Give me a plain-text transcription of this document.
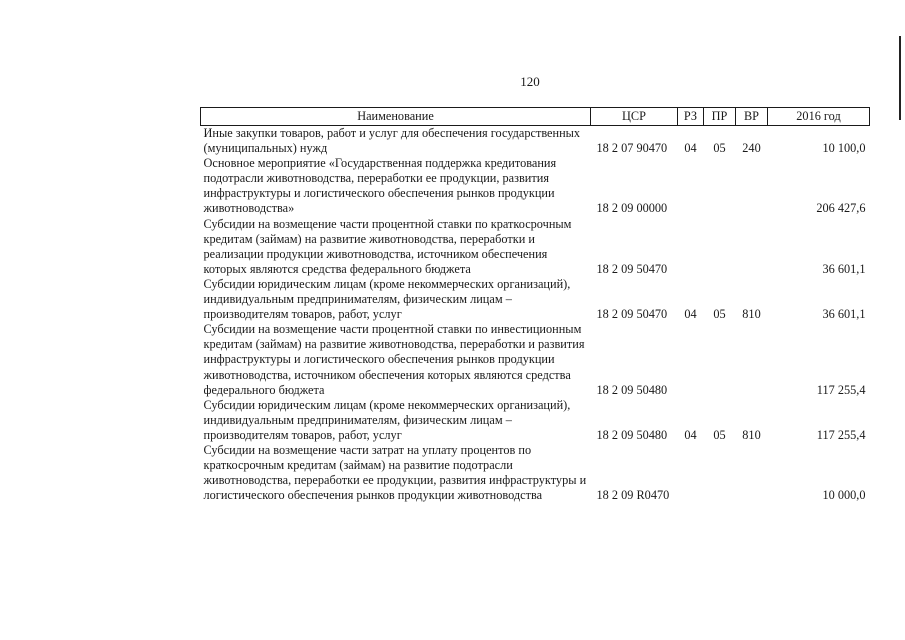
120
Наименование	ЦСР	РЗ	ПР	ВР	2016 год
Иные закупки товаров, работ и услуг для обеспечения государственных (муниципальных) нужд	18 2 07 90470	04	05	240	10 100,0
Основное мероприятие «Государственная поддержка кредитования подотрасли животноводства, переработки ее продукции, развития инфраструктуры и логистического обеспечения рынков продукции животноводства»	18 2 09 00000				206 427,6
Субсидии на возмещение части процентной ставки по краткосрочным кредитам (займам) на развитие животноводства, переработки и реализации продукции животноводства, источником обеспечения которых являются средства федерального бюджета	18 2 09 50470				36 601,1
Субсидии юридическим лицам (кроме некоммерческих организаций), индивидуальным предпринимателям, физическим лицам – производителям товаров, работ, услуг	18 2 09 50470	04	05	810	36 601,1
Субсидии на возмещение части процентной ставки по инвестиционным кредитам (займам) на развитие животноводства, переработки и развития инфраструктуры и логистического обеспечения рынков продукции животноводства, источником обеспечения которых являются средства федерального бюджета	18 2 09 50480				117 255,4
Субсидии юридическим лицам (кроме некоммерческих организаций), индивидуальным предпринимателям, физическим лицам – производителям товаров, работ, услуг	18 2 09 50480	04	05	810	117 255,4
Субсидии на возмещение части затрат на уплату процентов по краткосрочным кредитам (займам) на развитие подотрасли животноводства, переработки ее продукции, развития инфраструктуры и логистического обеспечения рынков продукции животноводства	18 2 09 R0470				10 000,0
